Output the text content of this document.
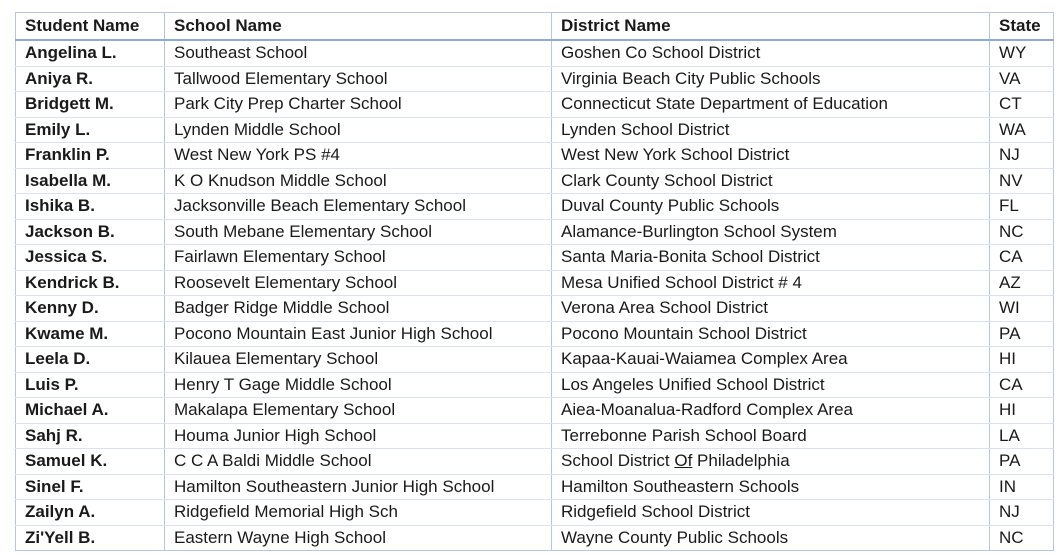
Student Name	School Name	District Name	State
Angelina L.	Southeast School	Goshen Co School District	WY
Aniya R.	Tallwood Elementary School	Virginia Beach City Public Schools	VA
Bridgett M.	Park City Prep Charter School	Connecticut State Department of Education	CT
Emily L.	Lynden Middle School	Lynden School District	WA
Franklin P.	West New York PS #4	West New York School District	NJ
Isabella M.	K O Knudson Middle School	Clark County School District	NV
Ishika B.	Jacksonville Beach Elementary School	Duval County Public Schools	FL
Jackson B.	South Mebane Elementary School	Alamance-Burlington School System	NC
Jessica S.	Fairlawn Elementary School	Santa Maria-Bonita School District	CA
Kendrick B.	Roosevelt Elementary School	Mesa Unified School District # 4	AZ
Kenny D.	Badger Ridge Middle School	Verona Area School District	WI
Kwame M.	Pocono Mountain East Junior High School	Pocono Mountain School District	PA
Leela D.	Kilauea Elementary School	Kapaa-Kauai-Waiamea Complex Area	HI
Luis P.	Henry T Gage Middle School	Los Angeles Unified School District	CA
Michael A.	Makalapa Elementary School	Aiea-Moanalua-Radford Complex Area	HI
Sahj R.	Houma Junior High School	Terrebonne Parish School Board	LA
Samuel K.	C C A Baldi Middle School	School District Of Philadelphia	PA
Sinel F.	Hamilton Southeastern Junior High School	Hamilton Southeastern Schools	IN
Zailyn A.	Ridgefield Memorial High Sch	Ridgefield School District	NJ
Zi'Yell B.	Eastern Wayne High School	Wayne County Public Schools	NC
